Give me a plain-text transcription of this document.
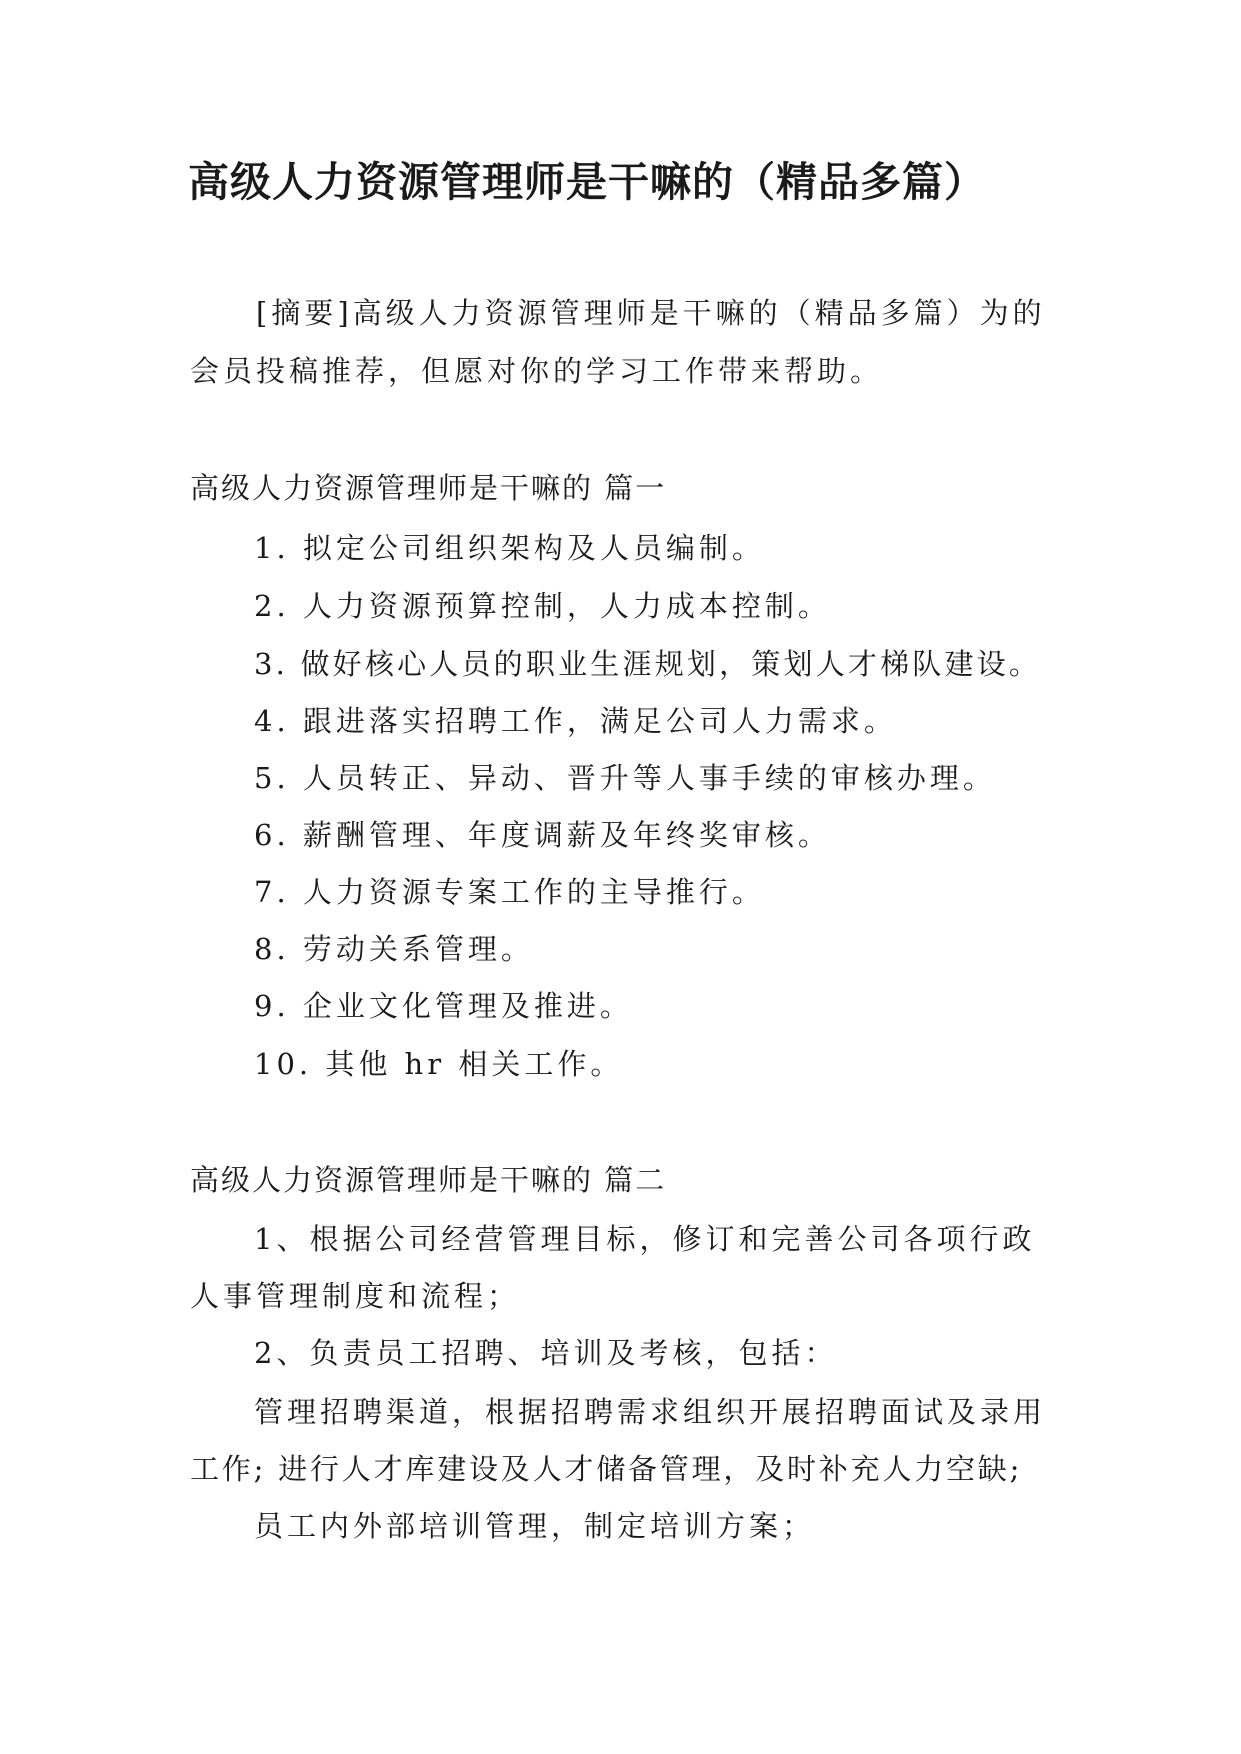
高级人力资源管理师是干嘛的（精品多篇）
[摘要]高级人力资源管理师是干嘛的（精品多篇）为的
会员投稿推荐，但愿对你的学习工作带来帮助。
高级人力资源管理师是干嘛的 篇一
1. 拟定公司组织架构及人员编制。
2. 人力资源预算控制，人力成本控制。
3. 做好核心人员的职业生涯规划，策划人才梯队建设。
4. 跟进落实招聘工作，满足公司人力需求。
5. 人员转正、异动、晋升等人事手续的审核办理。
6. 薪酬管理、年度调薪及年终奖审核。
7. 人力资源专案工作的主导推行。
8. 劳动关系管理。
9. 企业文化管理及推进。
10. 其他 hr 相关工作。
高级人力资源管理师是干嘛的 篇二
1、根据公司经营管理目标，修订和完善公司各项行政
人事管理制度和流程；
2、负责员工招聘、培训及考核，包括：
管理招聘渠道，根据招聘需求组织开展招聘面试及录用
工作; 进行人才库建设及人才储备管理，及时补充人力空缺;
员工内外部培训管理，制定培训方案；
